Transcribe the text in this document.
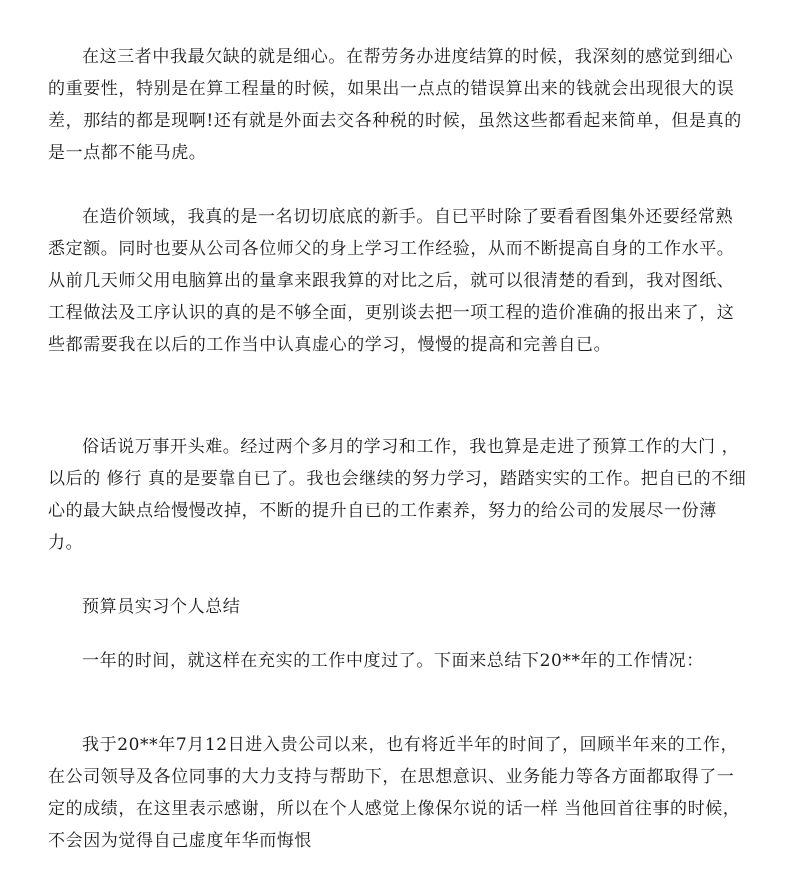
在这三者中我最欠缺的就是细心。在帮劳务办进度结算的时候，我深刻的感觉到细心的重要性，特别是在算工程量的时候，如果出一点点的错误算出来的钱就会出现很大的误差，那结的都是现啊!还有就是外面去交各种税的时候，虽然这些都看起来简单，但是真的是一点都不能马虎。

在造价领域，我真的是一名切切底底的新手。自已平时除了要看看图集外还要经常熟悉定额。同时也要从公司各位师父的身上学习工作经验，从而不断提高自身的工作水平。从前几天师父用电脑算出的量拿来跟我算的对比之后，就可以很清楚的看到，我对图纸、工程做法及工序认识的真的是不够全面，更别谈去把一项工程的造价准确的报出来了，这些都需要我在以后的工作当中认真虚心的学习，慢慢的提高和完善自已。

俗话说万事开头难。经过两个多月的学习和工作，我也算是走进了预算工作的大门 ，以后的 修行 真的是要靠自已了。我也会继续的努力学习，踏踏实实的工作。把自已的不细心的最大缺点给慢慢改掉，不断的提升自已的工作素养，努力的给公司的发展尽一份薄力。

预算员实习个人总结

一年的时间，就这样在充实的工作中度过了。下面来总结下20**年的工作情况：

我于20**年7月12日进入贵公司以来，也有将近半年的时间了，回顾半年来的工作，在公司领导及各位同事的大力支持与帮助下，在思想意识、业务能力等各方面都取得了一定的成绩，在这里表示感谢，所以在个人感觉上像保尔说的话一样 当他回首往事的时候，不会因为觉得自己虚度年华而悔恨
